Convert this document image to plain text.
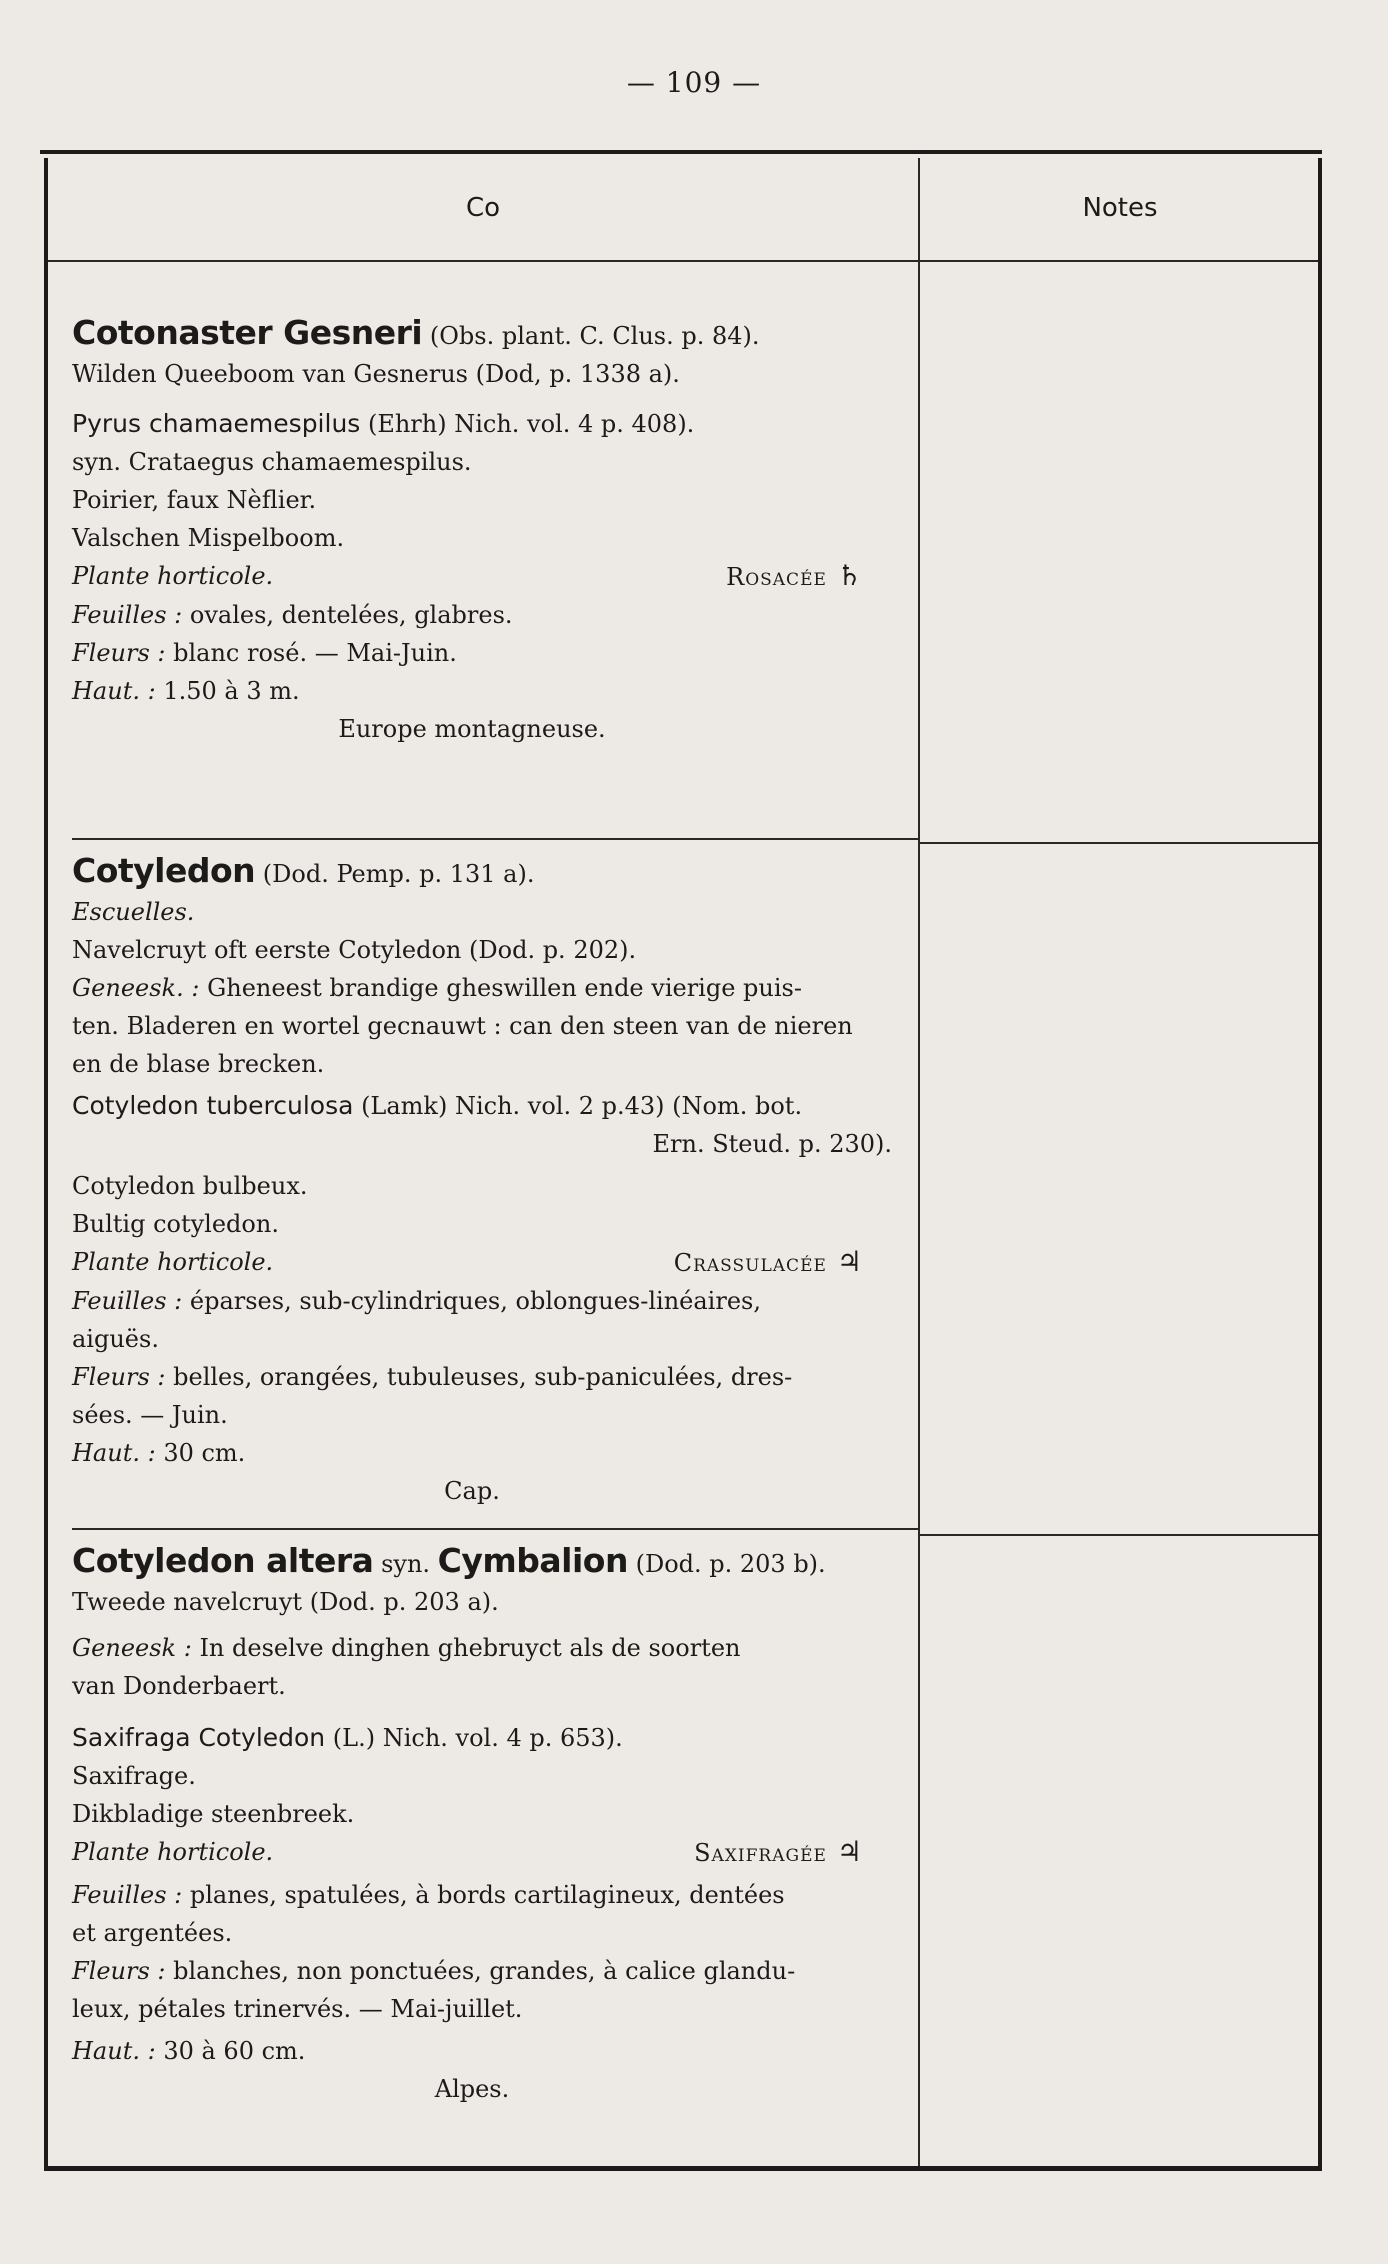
— 109 —
Co	Notes
Cotonaster Gesneri (Obs. plant. C. Clus. p. 84).
Wilden Queeboom van Gesnerus (Dod, p. 1338 a).
Pyrus chamaemespilus (Ehrh) Nich. vol. 4 p. 408).
syn. Crataegus chamaemespilus.
Poirier, faux Nèflier.
Valschen Mispelboom.
Plante horticole.	Rosacée ♄
Feuilles : ovales, dentelées, glabres.
Fleurs : blanc rosé. — Mai-Juin.
Haut. : 1.50 à 3 m.
Europe montagneuse.
Cotyledon (Dod. Pemp. p. 131 a).
Escuelles.
Navelcruyt oft eerste Cotyledon (Dod. p. 202).
Geneesk. : Gheneest brandige gheswillen ende vierige puis-
ten. Bladeren en wortel gecnauwt : can den steen van de nieren
en de blase brecken.
Cotyledon tuberculosa (Lamk) Nich. vol. 2 p.43) (Nom. bot.
Ern. Steud. p. 230).
Cotyledon bulbeux.
Bultig cotyledon.
Plante horticole.	Crassulacée ♃
Feuilles : éparses, sub-cylindriques, oblongues-linéaires,
aiguës.
Fleurs : belles, orangées, tubuleuses, sub-paniculées, dres-
sées. — Juin.
Haut. : 30 cm.
Cap.
Cotyledon altera syn. Cymbalion (Dod. p. 203 b).
Tweede navelcruyt (Dod. p. 203 a).
Geneesk : In deselve dinghen ghebruyct als de soorten
van Donderbaert.
Saxifraga Cotyledon (L.) Nich. vol. 4 p. 653).
Saxifrage.
Dikbladige steenbreek.
Plante horticole.	Saxifragée ♃
Feuilles : planes, spatulées, à bords cartilagineux, dentées
et argentées.
Fleurs : blanches, non ponctuées, grandes, à calice glandu-
leux, pétales trinervés. — Mai-juillet.
Haut. : 30 à 60 cm.
Alpes.
